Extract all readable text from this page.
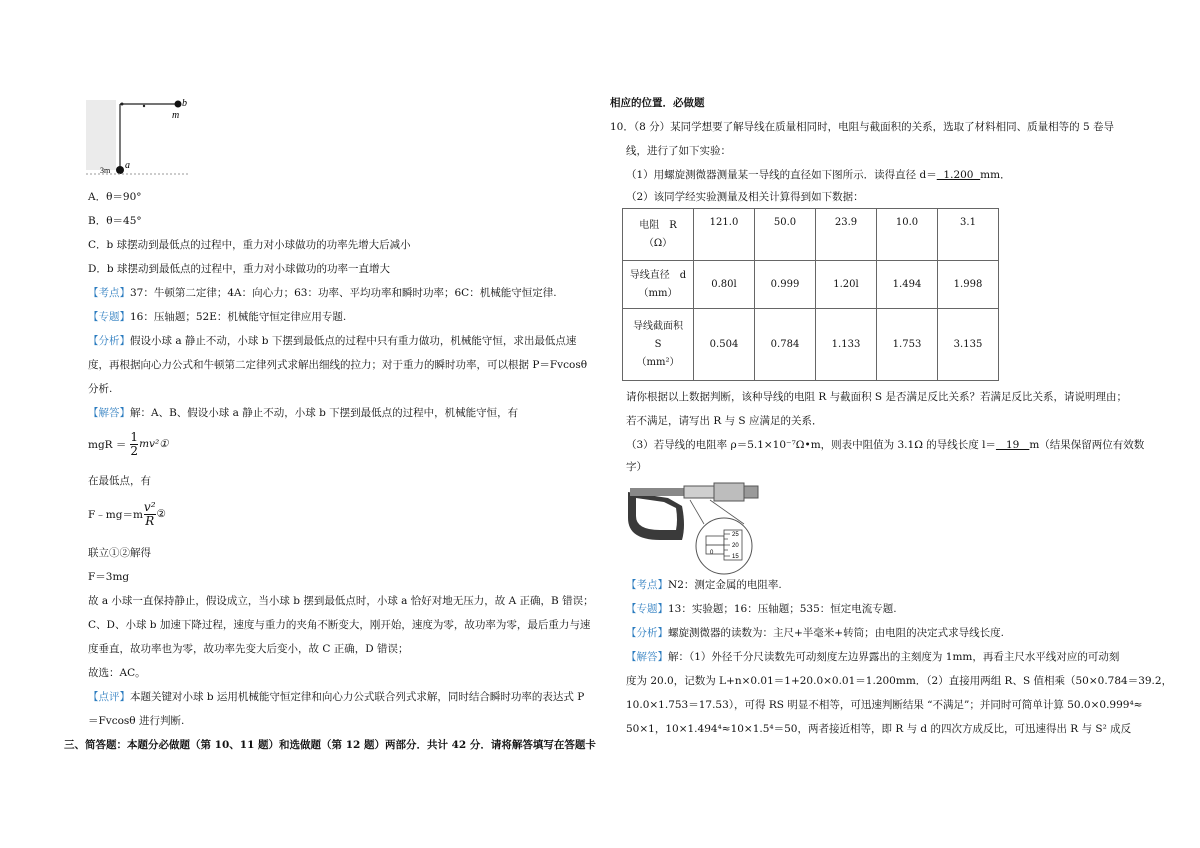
b
m
a
3m
A．θ＝90°
B．θ＝45°
C．b 球摆动到最低点的过程中，重力对小球做功的功率先增大后减小
D．b 球摆动到最低点的过程中，重力对小球做功的功率一直增大
【考点】37：牛顿第二定律；4A：向心力；63：功率、平均功率和瞬时功率；6C：机械能守恒定律.
【专题】16：压轴题；52E：机械能守恒定律应用专题.
【分析】假设小球 a 静止不动，小球 b 下摆到最低点的过程中只有重力做功，机械能守恒，求出最低点速
度，再根据向心力公式和牛顿第二定律列式求解出细线的拉力；对于重力的瞬时功率，可以根据 P＝Fvcosθ
分析.
【解答】解：A、B、假设小球 a 静止不动，小球 b 下摆到最低点的过程中，机械能守恒，有
mgR ＝ $\frac{1}{2}$ mv²①
在最低点，有
F﹣mg＝m $\frac{\text{v²}}{R}$ ②
联立①②解得
F＝3mg
故 a 小球一直保持静止，假设成立，当小球 b 摆到最低点时，小球 a 恰好对地无压力，故 A 正确，B 错误；
C、D、小球 b 加速下降过程，速度与重力的夹角不断变大，刚开始，速度为零，故功率为零，最后重力与速
度垂直，故功率也为零，故功率先变大后变小，故 C 正确，D 错误；
故选：AC。
【点评】本题关键对小球 b 运用机械能守恒定律和向心力公式联合列式求解，同时结合瞬时功率的表达式 P
＝Fvcosθ 进行判断.
三、简答题：本题分必做题（第 10、11 题）和选做题（第 12 题）两部分．共计 42 分．请将解答填写在答题卡
相应的位置．必做题
10．（8 分）某同学想要了解导线在质量相同时，电阻与截面积的关系，选取了材料相同、质量相等的 5 卷导
线，进行了如下实验：
（1）用螺旋测微器测量某一导线的直径如下图所示．读得直径 d＝  1.200  mm．
（2）该同学经实验测量及相关计算得到如下数据：
电阻　R
（Ω）	121.0	50.0	23.9	10.0	3.1

导线直径　d
（mm）	0.80l	0.999	1.20l	1.494	1.998

导线截面积
S
（mm²）	0.504	0.784	1.133	1.753	3.135
请你根据以上数据判断，该种导线的电阻 R 与截面积 S 是否满足反比关系？若满足反比关系，请说明理由；
若不满足，请写出 R 与 S 应满足的关系．
（3）若导线的电阻率 ρ＝5.1×10⁻⁷Ω•m，则表中阻值为 3.1Ω 的导线长度 l＝   19   m（结果保留两位有效数
字）
25
20
15
0
【考点】N2：测定金属的电阻率.
【专题】13：实验题；16：压轴题；535：恒定电流专题.
【分析】螺旋测微器的读数为：主尺+半毫米+转筒；由电阻的决定式求导线长度.
【解答】解：（1）外径千分尺读数先可动刻度左边界露出的主刻度为 1mm，再看主尺水平线对应的可动刻
度为 20.0，记数为 L+n×0.01＝1+20.0×0.01＝1.200mm．（2）直接用两组 R、S 值相乘（50×0.784＝39.2，
10.0×1.753＝17.53），可得 RS 明显不相等，可迅速判断结果 “不满足”；并同时可简单计算 50.0×0.999⁴≈
50×1，10×1.494⁴≈10×1.5⁴＝50，两者接近相等，即 R 与 d 的四次方成反比，可迅速得出 R 与 S² 成反
